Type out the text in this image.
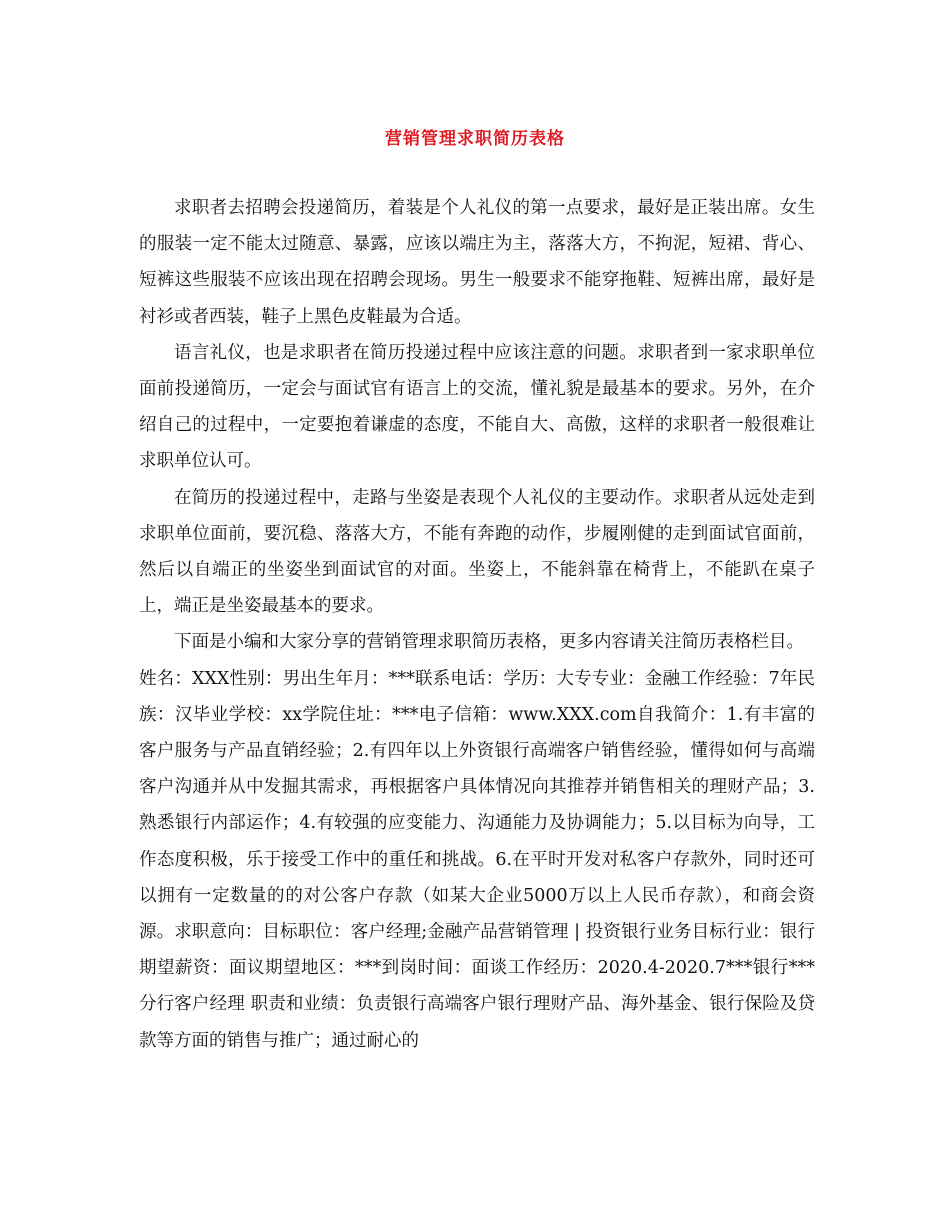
营销管理求职简历表格

求职者去招聘会投递简历，着装是个人礼仪的第一点要求，最好是正装出席。女生的服装一定不能太过随意、暴露，应该以端庄为主，落落大方，不拘泥，短裙、背心、短裤这些服装不应该出现在招聘会现场。男生一般要求不能穿拖鞋、短裤出席，最好是衬衫或者西装，鞋子上黑色皮鞋最为合适。

语言礼仪，也是求职者在简历投递过程中应该注意的问题。求职者到一家求职单位面前投递简历，一定会与面试官有语言上的交流，懂礼貌是最基本的要求。另外，在介绍自己的过程中，一定要抱着谦虚的态度，不能自大、高傲，这样的求职者一般很难让求职单位认可。

在简历的投递过程中，走路与坐姿是表现个人礼仪的主要动作。求职者从远处走到求职单位面前，要沉稳、落落大方，不能有奔跑的动作，步履刚健的走到面试官面前，然后以自端正的坐姿坐到面试官的对面。坐姿上，不能斜靠在椅背上，不能趴在桌子上，端正是坐姿最基本的要求。

下面是小编和大家分享的营销管理求职简历表格，更多内容请关注简历表格栏目。

姓名：XXX性别：男出生年月：***联系电话：学历：大专专业：金融工作经验：7年民族：汉毕业学校：xx学院住址：***电子信箱：www.XXX.com自我简介：1.有丰富的客户服务与产品直销经验；2.有四年以上外资银行高端客户销售经验，懂得如何与高端客户沟通并从中发掘其需求，再根据客户具体情况向其推荐并销售相关的理财产品；3.熟悉银行内部运作；4.有较强的应变能力、沟通能力及协调能力；5.以目标为向导，工作态度积极，乐于接受工作中的重任和挑战。6.在平时开发对私客户存款外，同时还可以拥有一定数量的的对公客户存款（如某大企业5000万以上人民币存款），和商会资源。求职意向：目标职位：客户经理;金融产品营销管理 | 投资银行业务目标行业：银行期望薪资：面议期望地区：***到岗时间：面谈工作经历：2020.4-2020.7***银行***分行客户经理 职责和业绩：负责银行高端客户银行理财产品、海外基金、银行保险及贷款等方面的销售与推广；通过耐心的
